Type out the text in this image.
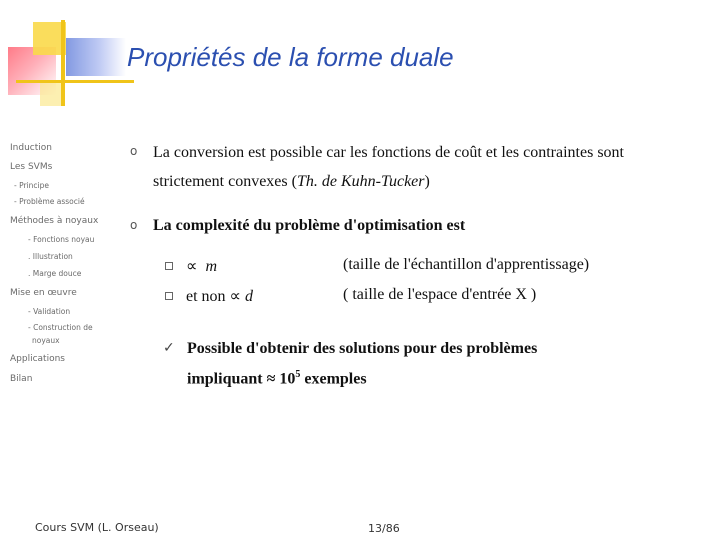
Propriétés de la forme duale
Induction
Les SVMs
- Principe
- Problème associé
Méthodes à noyaux
- Fonctions noyau
. Illustration
. Marge douce
Mise en œuvre
- Validation
- Construction de
noyaux
Applications
Bilan
o La conversion est possible car les fonctions de coût et les contraintes sont
strictement convexes (Th. de Kuhn-Tucker)
o La complexité du problème d'optimisation est
∝ m	(taille de l'échantillon d'apprentissage)
et non ∝ d	( taille de l'espace d'entrée X )
✓ Possible d'obtenir des solutions pour des problèmes
impliquant ≈ $10^5$ exemples
Cours SVM (L. Orseau)	13/86
